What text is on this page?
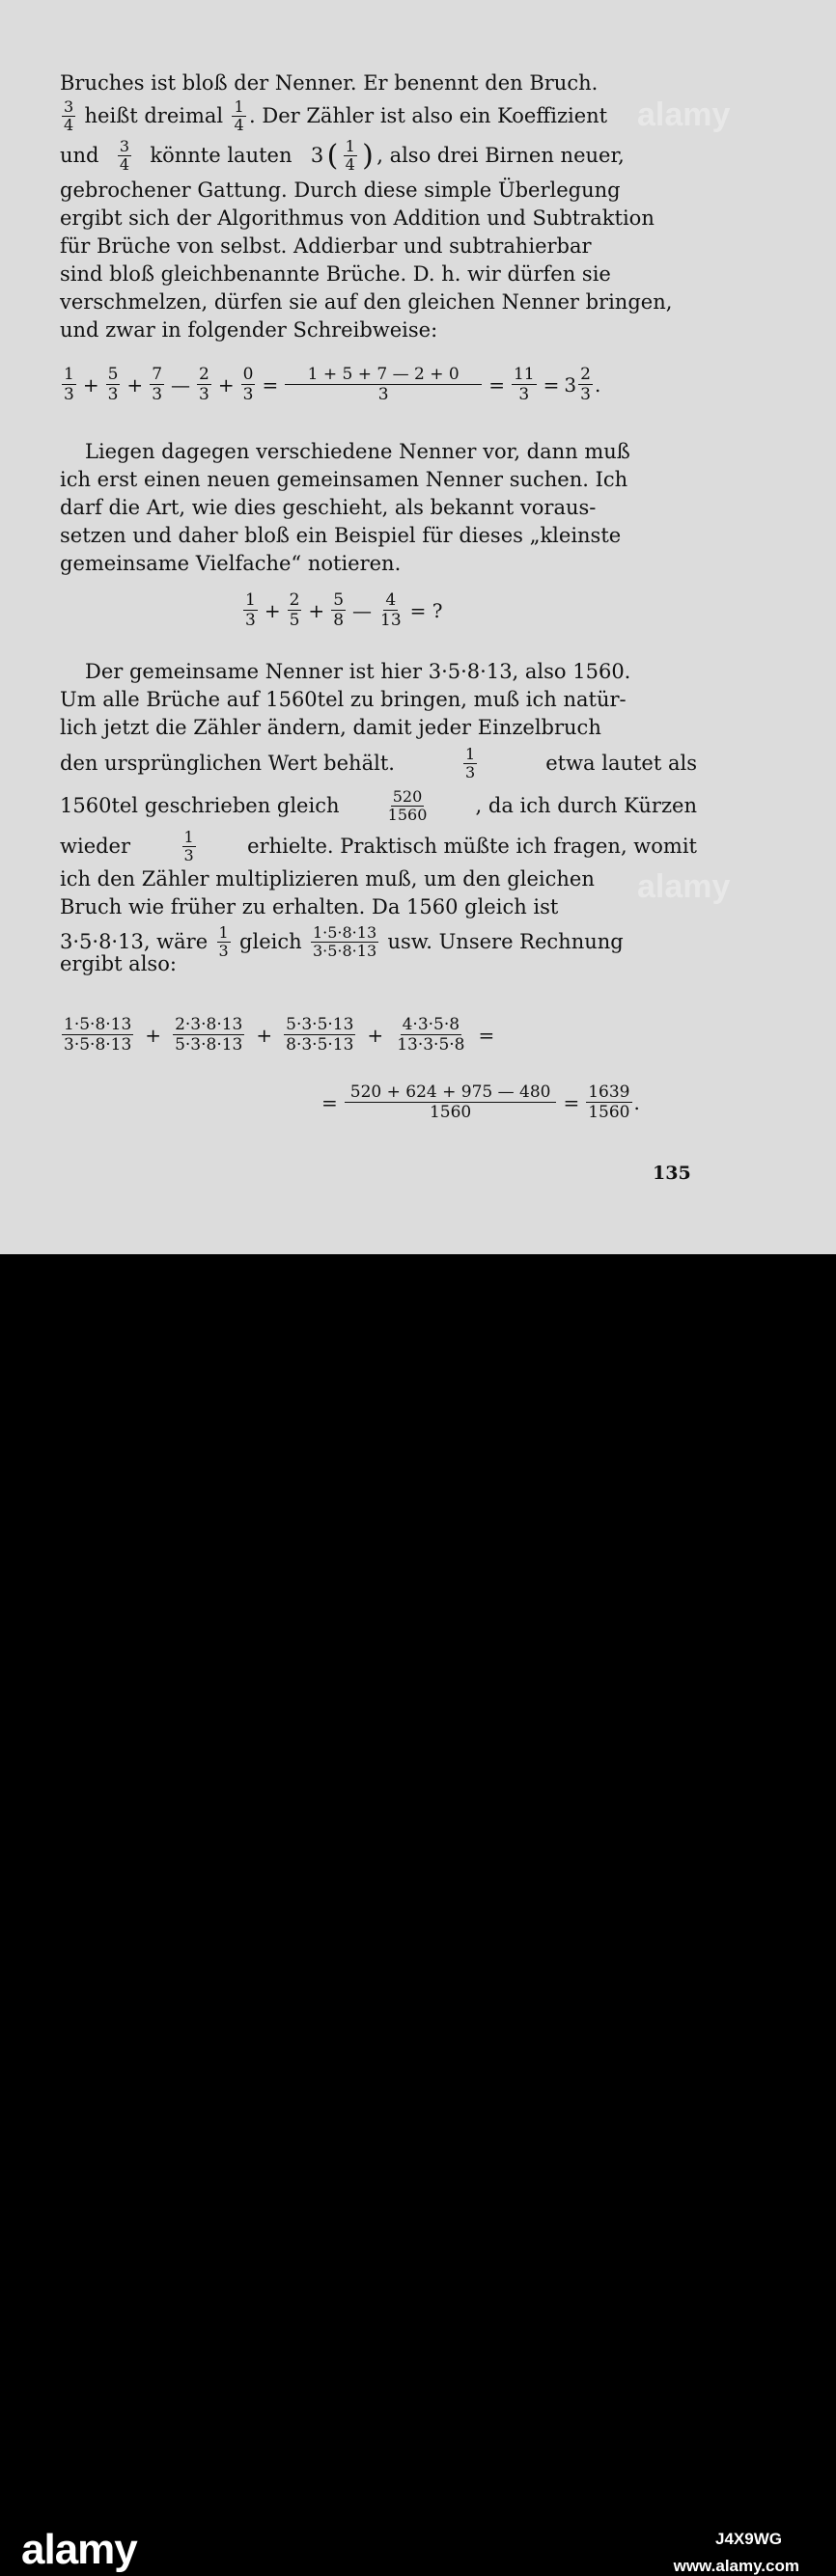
Bruches ist bloß der Nenner. Er benennt den Bruch.
$\frac{3}{4}$ heißt dreimal $\frac{1}{4}$ . Der Zähler ist also ein Koeffizient
und $\frac{3}{4}$ könnte lauten 3 ( $\frac{1}{4}$ ) , also drei Birnen neuer,
gebrochener Gattung. Durch diese simple Überlegung
ergibt sich der Algorithmus von Addition und Subtraktion
für Brüche von selbst. Addierbar und subtrahierbar
sind bloß gleichbenannte Brüche. D. h. wir dürfen sie
verschmelzen, dürfen sie auf den gleichen Nenner bringen,
und zwar in folgender Schreibweise:
$\frac{1}{3} + \frac{5}{3} + \frac{7}{3}$ — $\frac{2}{3} + \frac{0}{3} = \frac{1 + 5 + 7 — 2 + 0}{3} = \frac{11}{3} = 3 \frac{2}{3}$ .
Liegen dagegen verschiedene Nenner vor, dann muß
ich erst einen neuen gemeinsamen Nenner suchen. Ich
darf die Art, wie dies geschieht, als bekannt voraus-
setzen und daher bloß ein Beispiel für dieses „kleinste
gemeinsame Vielfache“ notieren.
$\frac{1}{3} + \frac{2}{5} + \frac{5}{8}$ — $\frac{4}{13}$ = ?
Der gemeinsame Nenner ist hier 3·5·8·13, also 1560.
Um alle Brüche auf 1560tel zu bringen, muß ich natür-
lich jetzt die Zähler ändern, damit jeder Einzelbruch
den ursprünglichen Wert behält.	$\frac{1}{3}$	etwa lautet als
1560tel geschrieben gleich	$\frac{520}{1560}$ , da ich durch Kürzen
wieder	$\frac{1}{3}$	erhielte. Praktisch müßte ich fragen, womit
ich den Zähler multiplizieren muß, um den gleichen
Bruch wie früher zu erhalten. Da 1560 gleich ist
3·5·8·13, wäre $\frac{1}{3}$ gleich $\frac{1\cdot 5\cdot 8\cdot 13}{3\cdot 5\cdot 8\cdot 13}$ usw. Unsere Rechnung
ergibt also:
$\frac{1\cdot 5\cdot 8\cdot 13}{3\cdot 5\cdot 8\cdot 13} + \frac{2\cdot 3\cdot 8\cdot 13}{5\cdot 3\cdot 8\cdot 13} + \frac{5\cdot 3\cdot 5\cdot 13}{8\cdot 3\cdot 5\cdot 13} + \frac{4\cdot 3\cdot 5\cdot 8}{13\cdot 3\cdot 5\cdot 8}$ =
= $\frac{520 + 624 + 975 — 480}{1560} = \frac{1639}{1560}$ .
135
alamy
alamy
alamy	J4X9WG
www.alamy.com
